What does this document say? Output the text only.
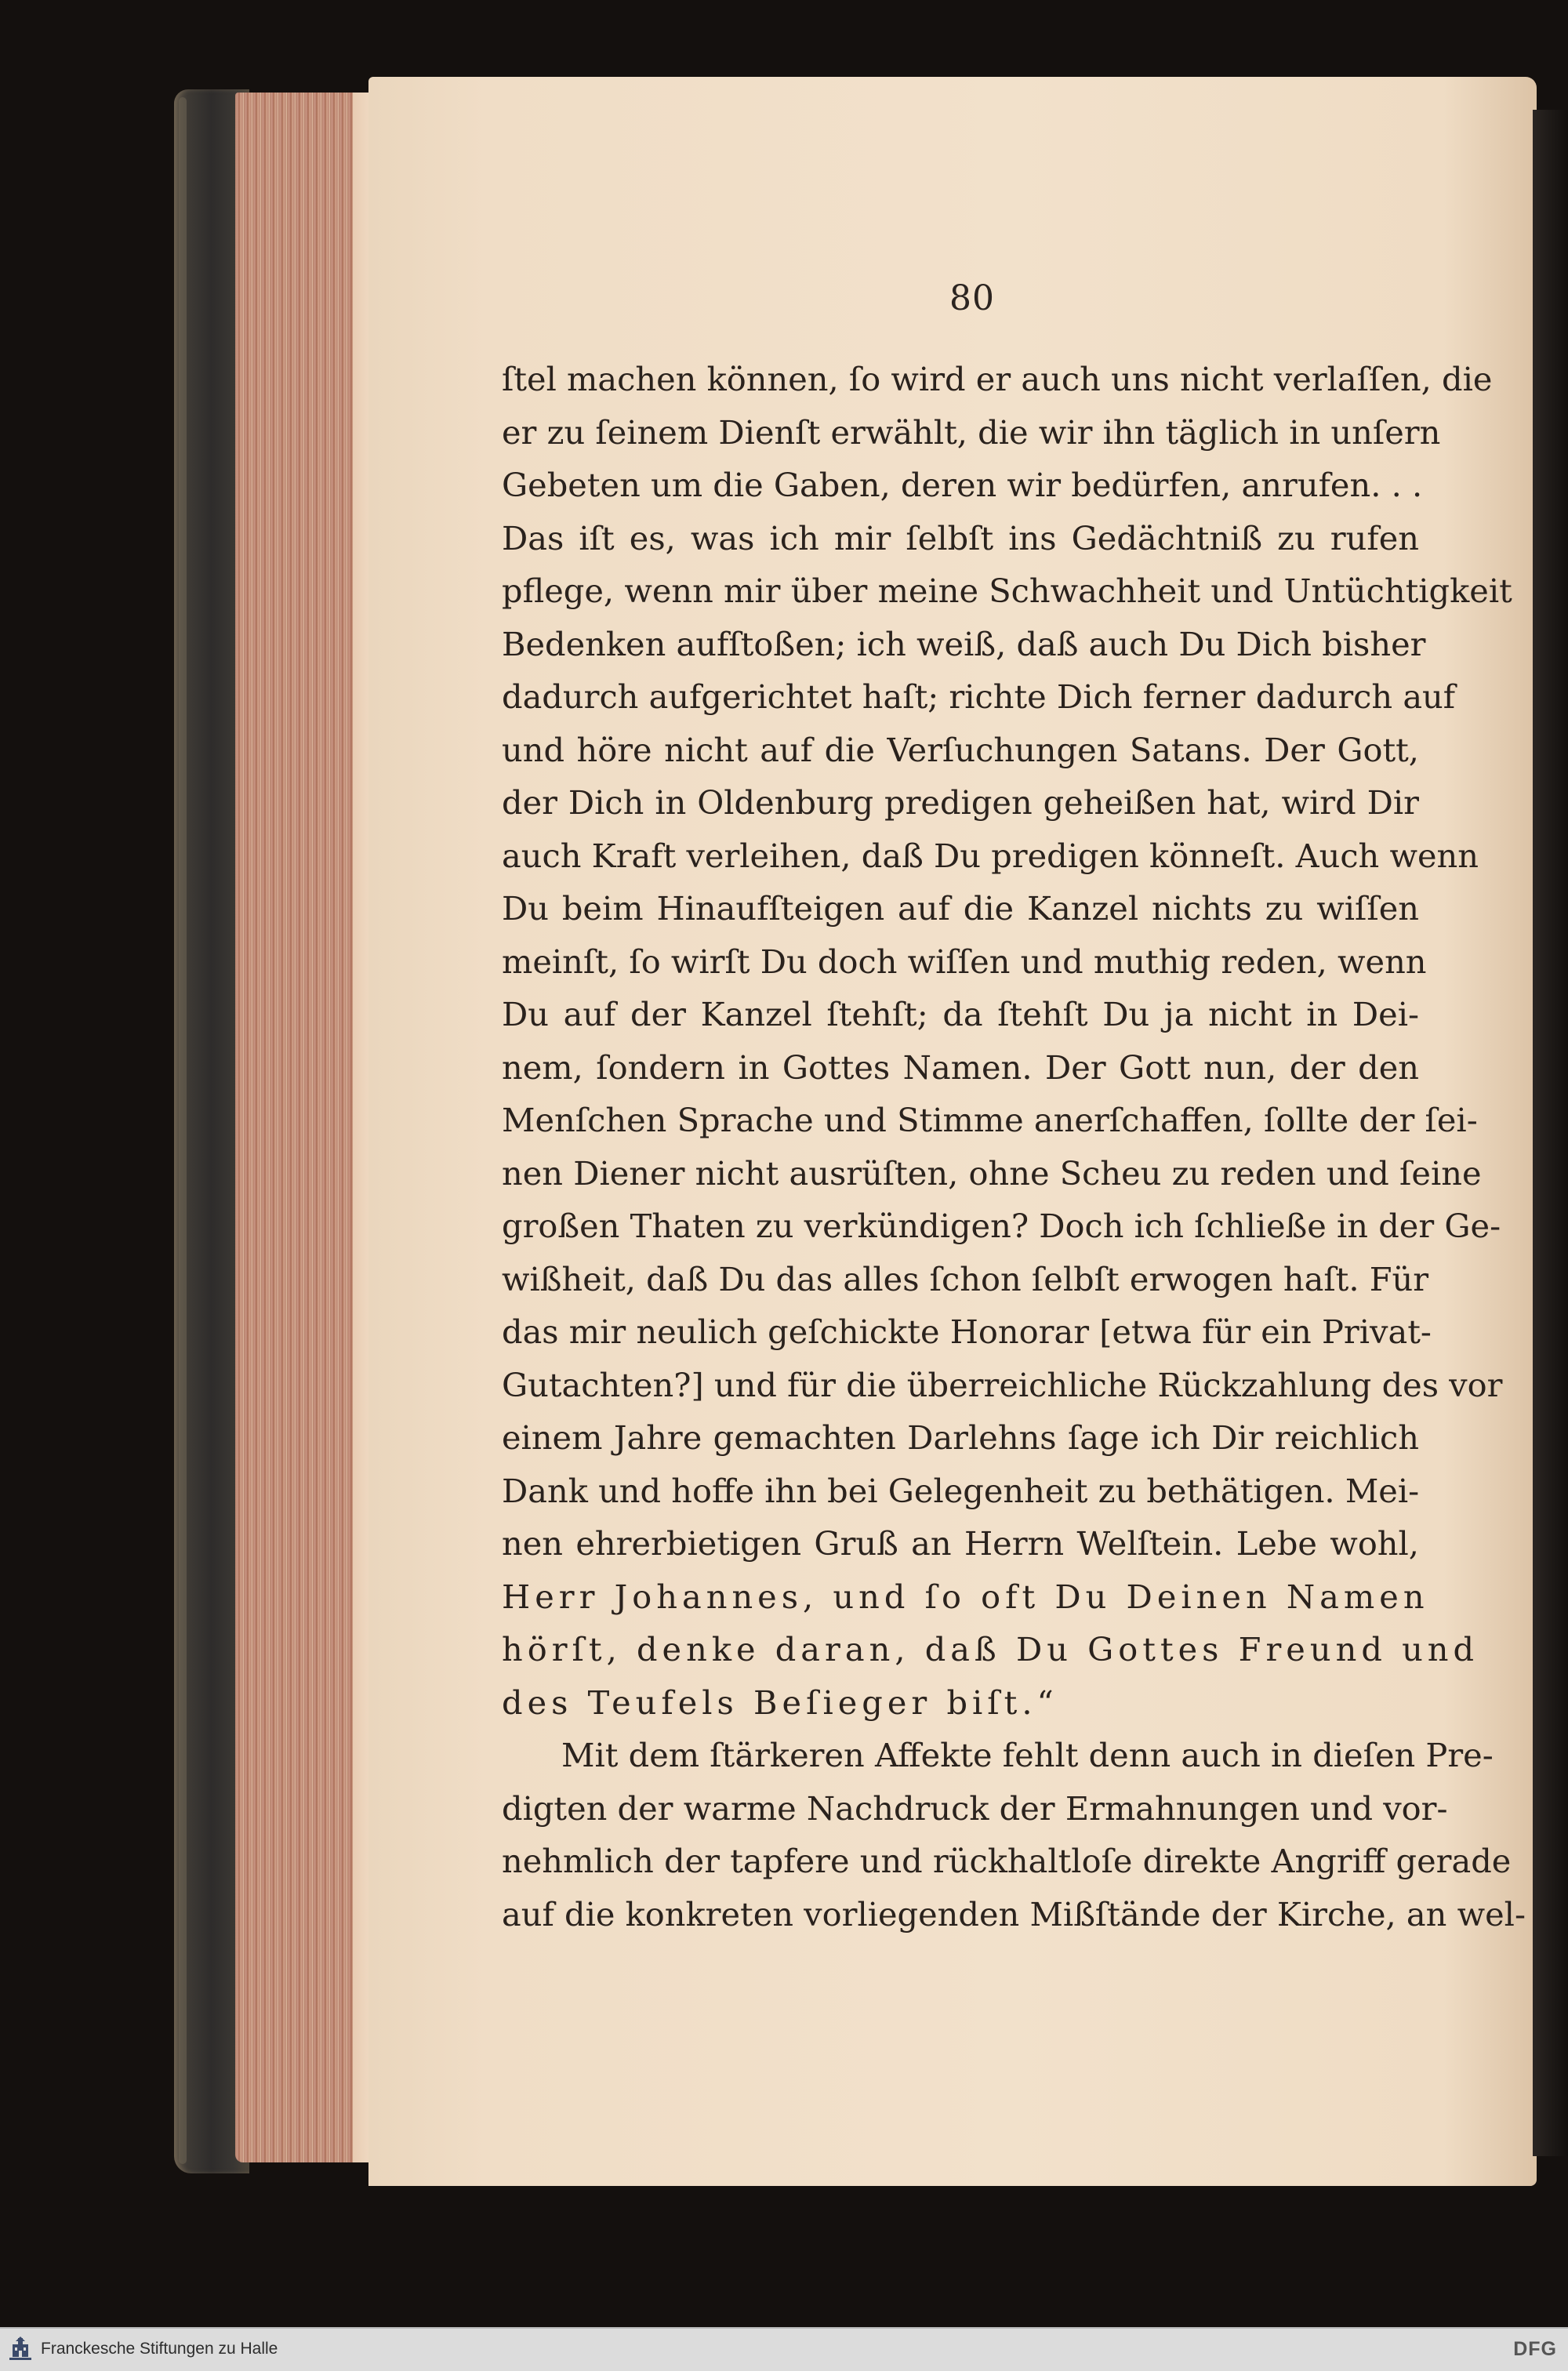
80
ſtel machen können, ſo wird er auch uns nicht verlaſſen, die
er zu ſeinem Dienſt erwählt, die wir ihn täglich in unſern
Gebeten um die Gaben, deren wir bedürfen, anrufen. . .
Das iſt es, was ich mir ſelbſt ins Gedächtniß zu rufen
pflege, wenn mir über meine Schwachheit und Untüchtigkeit
Bedenken aufſtoßen; ich weiß, daß auch Du Dich bisher
dadurch aufgerichtet haſt; richte Dich ferner dadurch auf
und höre nicht auf die Verſuchungen Satans. Der Gott,
der Dich in Oldenburg predigen geheißen hat, wird Dir
auch Kraft verleihen, daß Du predigen könneſt. Auch wenn
Du beim Hinaufſteigen auf die Kanzel nichts zu wiſſen
meinſt, ſo wirſt Du doch wiſſen und muthig reden, wenn
Du auf der Kanzel ſtehſt; da ſtehſt Du ja nicht in Dei-
nem, ſondern in Gottes Namen. Der Gott nun, der den
Menſchen Sprache und Stimme anerſchaffen, ſollte der ſei-
nen Diener nicht ausrüſten, ohne Scheu zu reden und ſeine
großen Thaten zu verkündigen? Doch ich ſchließe in der Ge-
wißheit, daß Du das alles ſchon ſelbſt erwogen haſt. Für
das mir neulich geſchickte Honorar [etwa für ein Privat-
Gutachten?] und für die überreichliche Rückzahlung des vor
einem Jahre gemachten Darlehns ſage ich Dir reichlich
Dank und hoffe ihn bei Gelegenheit zu bethätigen. Mei-
nen ehrerbietigen Gruß an Herrn Welſtein. Lebe wohl,
Herr Johannes, und ſo oft Du Deinen Namen
hörſt, denke daran, daß Du Gottes Freund und
des Teufels Beſieger biſt.“
Mit dem ſtärkeren Affekte fehlt denn auch in dieſen Pre-
digten der warme Nachdruck der Ermahnungen und vor-
nehmlich der tapfere und rückhaltloſe direkte Angriff gerade
auf die konkreten vorliegenden Mißſtände der Kirche, an wel-
Franckesche Stiftungen zu Halle	DFG
